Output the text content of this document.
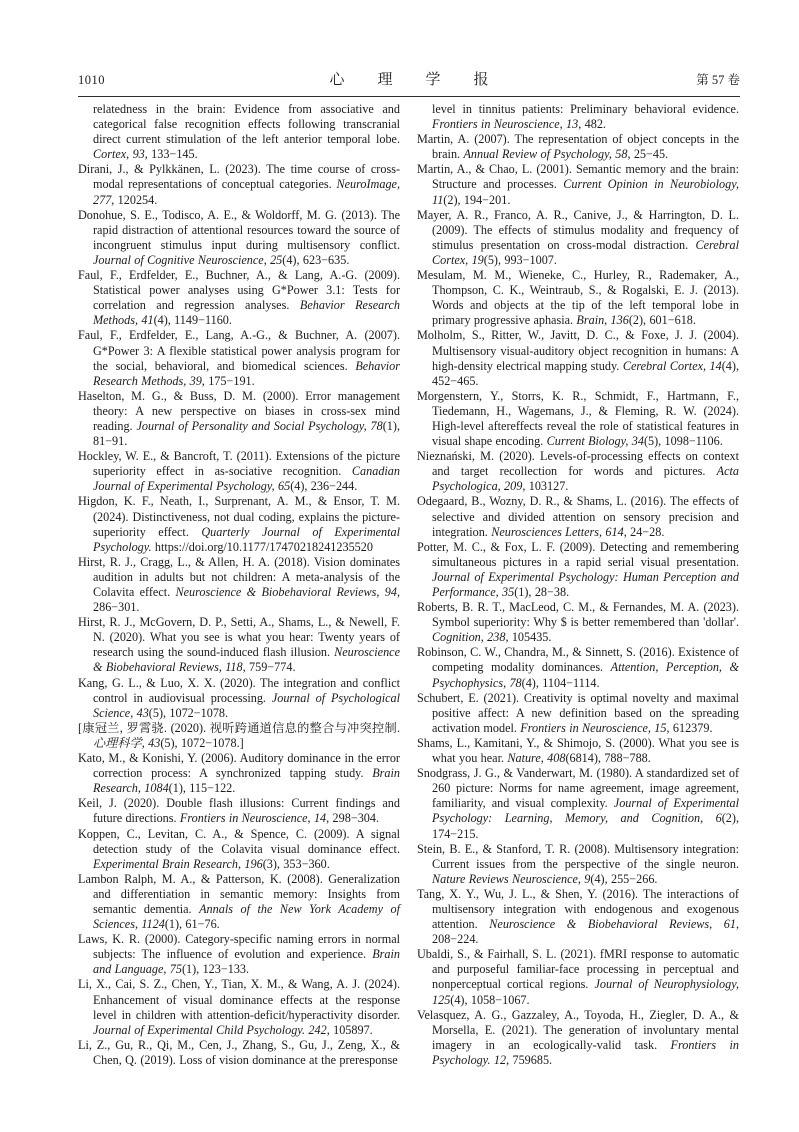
1010	心理学报	第 57 卷

relatedness in the brain: Evidence from associative and categorical false recognition effects following transcranial direct current stimulation of the left anterior temporal lobe. Cortex, 93, 133−145.

Dirani, J., & Pylkkänen, L. (2023). The time course of cross-modal representations of conceptual categories. NeuroImage, 277, 120254.

Donohue, S. E., Todisco, A. E., & Woldorff, M. G. (2013). The rapid distraction of attentional resources toward the source of incongruent stimulus input during multisensory conflict. Journal of Cognitive Neuroscience, 25(4), 623−635.

Faul, F., Erdfelder, E., Buchner, A., & Lang, A.-G. (2009). Statistical power analyses using G*Power 3.1: Tests for correlation and regression analyses. Behavior Research Methods, 41(4), 1149−1160.

Faul, F., Erdfelder, E., Lang, A.-G., & Buchner, A. (2007). G*Power 3: A flexible statistical power analysis program for the social, behavioral, and biomedical sciences. Behavior Research Methods, 39, 175−191.

Haselton, M. G., & Buss, D. M. (2000). Error management theory: A new perspective on biases in cross-sex mind reading. Journal of Personality and Social Psychology, 78(1), 81−91.

Hockley, W. E., & Bancroft, T. (2011). Extensions of the picture superiority effect in as-sociative recognition. Canadian Journal of Experimental Psychology, 65(4), 236−244.

Higdon, K. F., Neath, I., Surprenant, A. M., & Ensor, T. M. (2024). Distinctiveness, not dual coding, explains the picture-superiority effect. Quarterly Journal of Experimental Psychology. https://doi.org/10.1177/17470218241235520

Hirst, R. J., Cragg, L., & Allen, H. A. (2018). Vision dominates audition in adults but not children: A meta-analysis of the Colavita effect. Neuroscience & Biobehavioral Reviews, 94, 286−301.

Hirst, R. J., McGovern, D. P., Setti, A., Shams, L., & Newell, F. N. (2020). What you see is what you hear: Twenty years of research using the sound-induced flash illusion. Neuroscience & Biobehavioral Reviews, 118, 759−774.

Kang, G. L., & Luo, X. X. (2020). The integration and conflict control in audiovisual processing. Journal of Psychological Science, 43(5), 1072−1078.

[康冠兰, 罗霄骁. (2020). 视听跨通道信息的整合与冲突控制. 心理科学, 43(5), 1072−1078.]

Kato, M., & Konishi, Y. (2006). Auditory dominance in the error correction process: A synchronized tapping study. Brain Research, 1084(1), 115−122.

Keil, J. (2020). Double flash illusions: Current findings and future directions. Frontiers in Neuroscience, 14, 298−304.

Koppen, C., Levitan, C. A., & Spence, C. (2009). A signal detection study of the Colavita visual dominance effect. Experimental Brain Research, 196(3), 353−360.

Lambon Ralph, M. A., & Patterson, K. (2008). Generalization and differentiation in semantic memory: Insights from semantic dementia. Annals of the New York Academy of Sciences, 1124(1), 61−76.

Laws, K. R. (2000). Category-specific naming errors in normal subjects: The influence of evolution and experience. Brain and Language, 75(1), 123−133.

Li, X., Cai, S. Z., Chen, Y., Tian, X. M., & Wang, A. J. (2024). Enhancement of visual dominance effects at the response level in children with attention-deficit/hyperactivity disorder. Journal of Experimental Child Psychology. 242, 105897.

Li, Z., Gu, R., Qi, M., Cen, J., Zhang, S., Gu, J., Zeng, X., & Chen, Q. (2019). Loss of vision dominance at the preresponse

level in tinnitus patients: Preliminary behavioral evidence. Frontiers in Neuroscience, 13, 482.

Martin, A. (2007). The representation of object concepts in the brain. Annual Review of Psychology, 58, 25−45.

Martin, A., & Chao, L. (2001). Semantic memory and the brain: Structure and processes. Current Opinion in Neurobiology, 11(2), 194−201.

Mayer, A. R., Franco, A. R., Canive, J., & Harrington, D. L. (2009). The effects of stimulus modality and frequency of stimulus presentation on cross-modal distraction. Cerebral Cortex, 19(5), 993−1007.

Mesulam, M. M., Wieneke, C., Hurley, R., Rademaker, A., Thompson, C. K., Weintraub, S., & Rogalski, E. J. (2013). Words and objects at the tip of the left temporal lobe in primary progressive aphasia. Brain, 136(2), 601−618.

Molholm, S., Ritter, W., Javitt, D. C., & Foxe, J. J. (2004). Multisensory visual-auditory object recognition in humans: A high-density electrical mapping study. Cerebral Cortex, 14(4), 452−465.

Morgenstern, Y., Storrs, K. R., Schmidt, F., Hartmann, F., Tiedemann, H., Wagemans, J., & Fleming, R. W. (2024). High-level aftereffects reveal the role of statistical features in visual shape encoding. Current Biology, 34(5), 1098−1106.

Nieznański, M. (2020). Levels-of-processing effects on context and target recollection for words and pictures. Acta Psychologica, 209, 103127.

Odegaard, B., Wozny, D. R., & Shams, L. (2016). The effects of selective and divided attention on sensory precision and integration. Neurosciences Letters, 614, 24−28.

Potter, M. C., & Fox, L. F. (2009). Detecting and remembering simultaneous pictures in a rapid serial visual presentation. Journal of Experimental Psychology: Human Perception and Performance, 35(1), 28−38.

Roberts, B. R. T., MacLeod, C. M., & Fernandes, M. A. (2023). Symbol superiority: Why $ is better remembered than 'dollar'. Cognition, 238, 105435.

Robinson, C. W., Chandra, M., & Sinnett, S. (2016). Existence of competing modality dominances. Attention, Perception, & Psychophysics, 78(4), 1104−1114.

Schubert, E. (2021). Creativity is optimal novelty and maximal positive affect: A new definition based on the spreading activation model. Frontiers in Neuroscience, 15, 612379.

Shams, L., Kamitani, Y., & Shimojo, S. (2000). What you see is what you hear. Nature, 408(6814), 788−788.

Snodgrass, J. G., & Vanderwart, M. (1980). A standardized set of 260 picture: Norms for name agreement, image agreement, familiarity, and visual complexity. Journal of Experimental Psychology: Learning, Memory, and Cognition, 6(2), 174−215.

Stein, B. E., & Stanford, T. R. (2008). Multisensory integration: Current issues from the perspective of the single neuron. Nature Reviews Neuroscience, 9(4), 255−266.

Tang, X. Y., Wu, J. L., & Shen, Y. (2016). The interactions of multisensory integration with endogenous and exogenous attention. Neuroscience & Biobehavioral Reviews, 61, 208−224.

Ubaldi, S., & Fairhall, S. L. (2021). fMRI response to automatic and purposeful familiar-face processing in perceptual and nonperceptual cortical regions. Journal of Neurophysiology, 125(4), 1058−1067.

Velasquez, A. G., Gazzaley, A., Toyoda, H., Ziegler, D. A., & Morsella, E. (2021). The generation of involuntary mental imagery in an ecologically-valid task. Frontiers in Psychology. 12, 759685.
